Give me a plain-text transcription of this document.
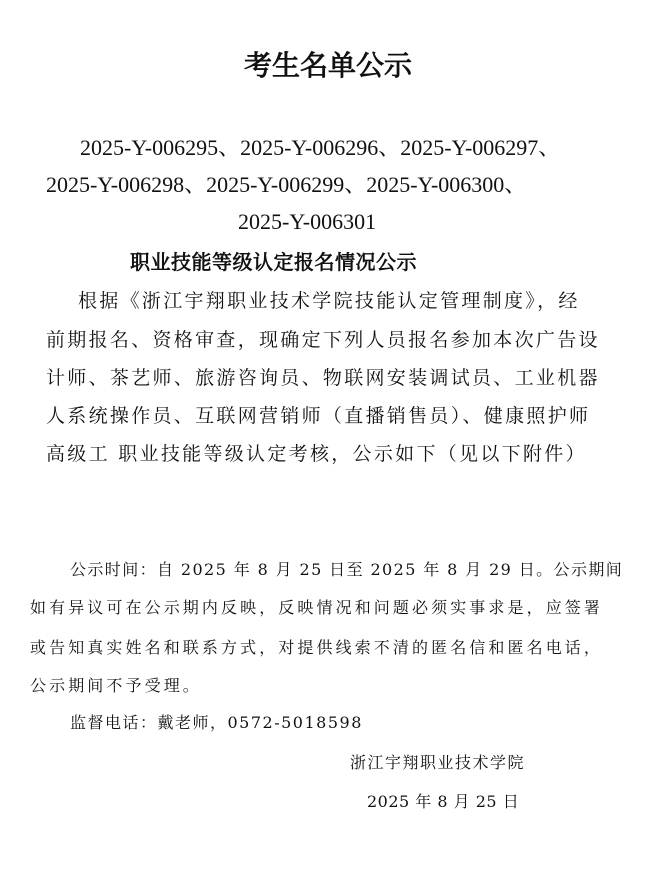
考生名单公示
2025-Y-006295、2025-Y-006296、2025-Y-006297、
2025-Y-006298、2025-Y-006299、2025-Y-006300、
2025-Y-006301
职业技能等级认定报名情况公示
根据《浙江宇翔职业技术学院技能认定管理制度》，经
前期报名、资格审查，现确定下列人员报名参加本次广告设
计师、茶艺师、旅游咨询员、物联网安装调试员、工业机器
人系统操作员、互联网营销师（直播销售员）、健康照护师
高级工 职业技能等级认定考核，公示如下（见以下附件）
公示时间：自 2025 年 8 月 25 日至 2025 年 8 月 29 日。公示期间
如有异议可在公示期内反映，反映情况和问题必须实事求是，应签署
或告知真实姓名和联系方式，对提供线索不清的匿名信和匿名电话，
公示期间不予受理。
监督电话：戴老师，0572-5018598
浙江宇翔职业技术学院
2025 年 8 月 25 日
